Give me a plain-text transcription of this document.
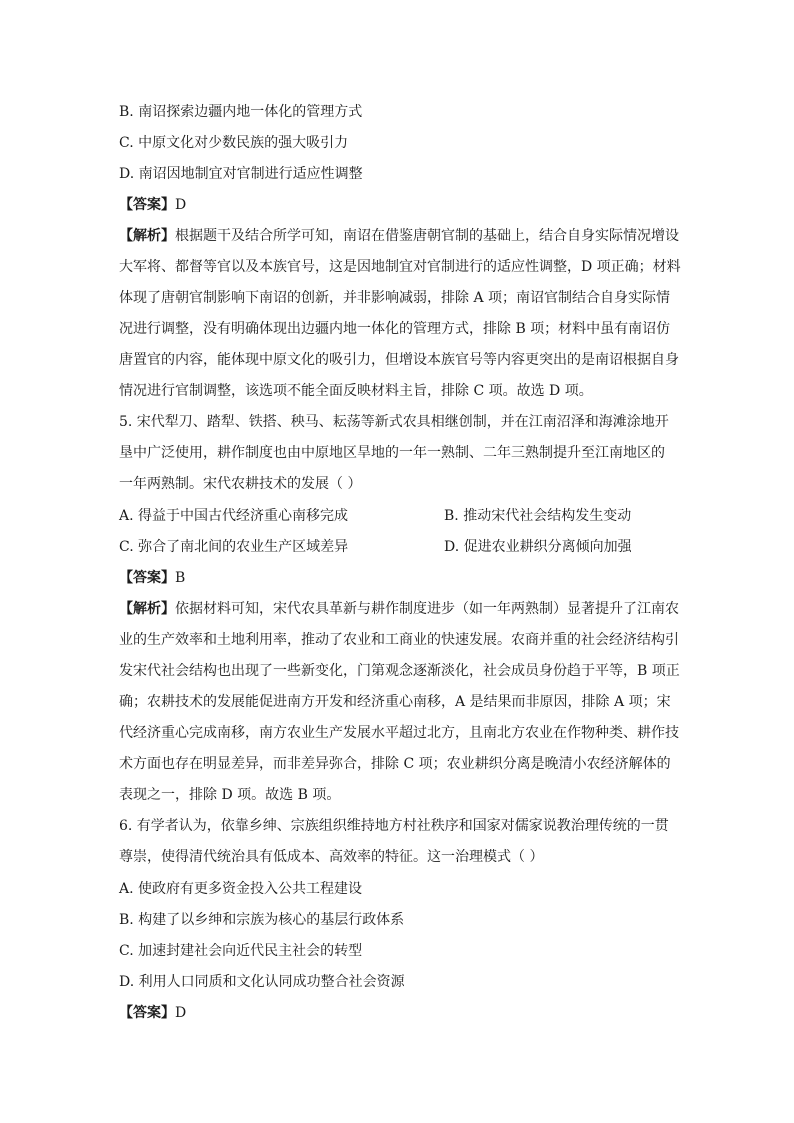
B. 南诏探索边疆内地一体化的管理方式
C. 中原文化对少数民族的强大吸引力
D. 南诏因地制宜对官制进行适应性调整
【答案】D
【解析】根据题干及结合所学可知，南诏在借鉴唐朝官制的基础上，结合自身实际情况增设
大军将、都督等官以及本族官号，这是因地制宜对官制进行的适应性调整，D 项正确；材料
体现了唐朝官制影响下南诏的创新，并非影响减弱，排除 A 项；南诏官制结合自身实际情
况进行调整，没有明确体现出边疆内地一体化的管理方式，排除 B 项；材料中虽有南诏仿
唐置官的内容，能体现中原文化的吸引力，但增设本族官号等内容更突出的是南诏根据自身
情况进行官制调整，该选项不能全面反映材料主旨，排除 C 项。故选 D 项。
5. 宋代犁刀、踏犁、铁搭、秧马、耘荡等新式农具相继创制，并在江南沼泽和海滩涂地开
垦中广泛使用，耕作制度也由中原地区旱地的一年一熟制、二年三熟制提升至江南地区的
一年两熟制。宋代农耕技术的发展（ ）
A. 得益于中国古代经济重心南移完成	B. 推动宋代社会结构发生变动
C. 弥合了南北间的农业生产区域差异	D. 促进农业耕织分离倾向加强
【答案】B
【解析】依据材料可知，宋代农具革新与耕作制度进步（如一年两熟制）显著提升了江南农
业的生产效率和土地利用率，推动了农业和工商业的快速发展。农商并重的社会经济结构引
发宋代社会结构也出现了一些新变化，门第观念逐渐淡化，社会成员身份趋于平等，B 项正
确；农耕技术的发展能促进南方开发和经济重心南移，A 是结果而非原因，排除 A 项；宋
代经济重心完成南移，南方农业生产发展水平超过北方，且南北方农业在作物种类、耕作技
术方面也存在明显差异，而非差异弥合，排除 C 项；农业耕织分离是晚清小农经济解体的
表现之一，排除 D 项。故选 B 项。
6. 有学者认为，依靠乡绅、宗族组织维持地方村社秩序和国家对儒家说教治理传统的一贯
尊崇，使得清代统治具有低成本、高效率的特征。这一治理模式（ ）
A. 使政府有更多资金投入公共工程建设
B. 构建了以乡绅和宗族为核心的基层行政体系
C. 加速封建社会向近代民主社会的转型
D. 利用人口同质和文化认同成功整合社会资源
【答案】D
